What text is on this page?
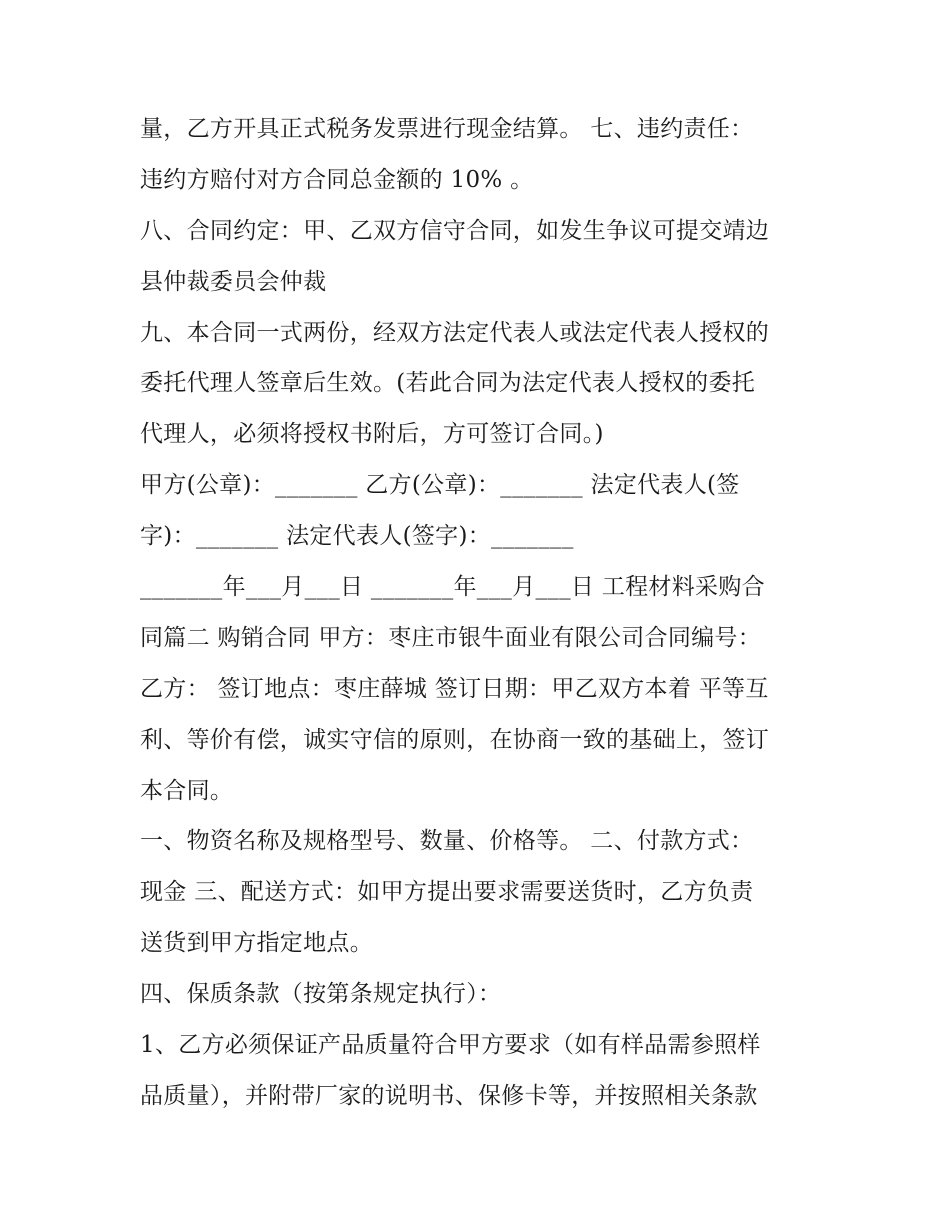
量，乙方开具正式税务发票进行现金结算。 七、违约责任：
违约方赔付对方合同总金额的 10% 。
八、合同约定：甲、乙双方信守合同，如发生争议可提交靖边
县仲裁委员会仲裁
九、本合同一式两份，经双方法定代表人或法定代表人授权的
委托代理人签章后生效。(若此合同为法定代表人授权的委托
代理人，必须将授权书附后，方可签订合同。)
甲方(公章)：_______ 乙方(公章)：_______ 法定代表人(签
字)：_______ 法定代表人(签字)：_______
_______年___月___日 _______年___月___日 工程材料采购合
同篇二 购销合同 甲方：枣庄市银牛面业有限公司合同编号：
乙方： 签订地点：枣庄薛城 签订日期：甲乙双方本着 平等互
利、等价有偿，诚实守信的原则，在协商一致的基础上，签订
本合同。
一、物资名称及规格型号、数量、价格等。 二、付款方式：
现金 三、配送方式：如甲方提出要求需要送货时，乙方负责
送货到甲方指定地点。
四、保质条款（按第条规定执行）：
1、乙方必须保证产品质量符合甲方要求（如有样品需参照样
品质量），并附带厂家的说明书、保修卡等，并按照相关条款
